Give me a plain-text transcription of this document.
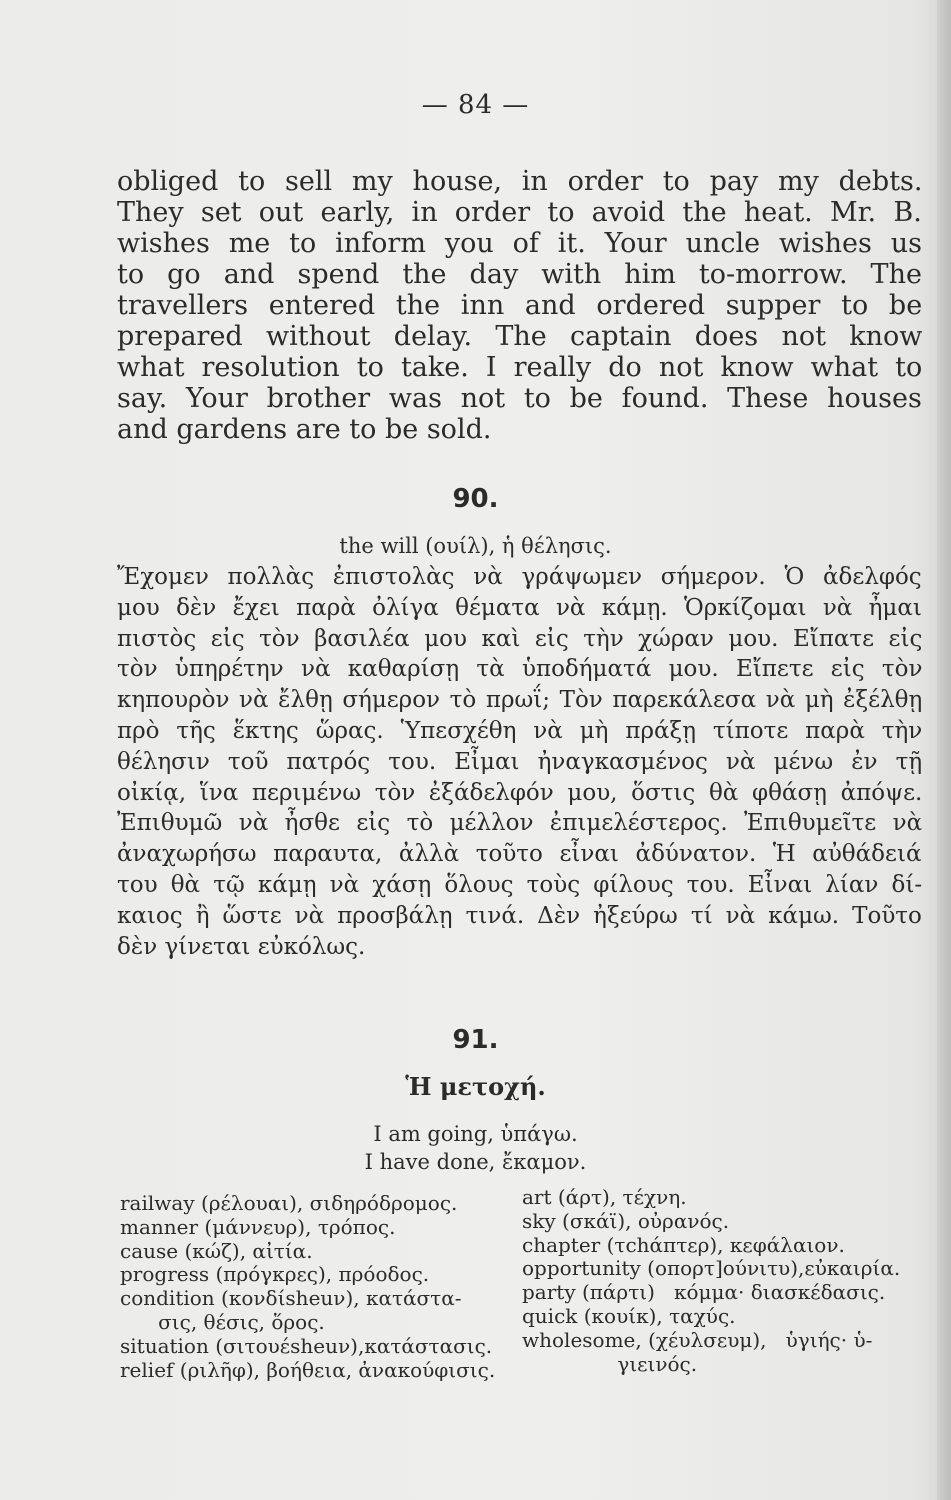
— 84 —
obliged to sell my house, in order to pay my debts.
They set out early, in order to avoid the heat. Mr. B.
wishes me to inform you of it. Your uncle wishes us
to go and spend the day with him to-morrow. The
travellers entered the inn and ordered supper to be
prepared without delay. The captain does not know
what resolution to take. I really do not know what to
say. Your brother was not to be found. These houses
and gardens are to be sold.
90.
the will (ουίλ), ἡ θέλησις.
Ἔχομεν πολλὰς ἐπιστολὰς νὰ γράψωμεν σήμερον. Ὁ ἀδελφός
μου δὲν ἔχει παρὰ ὀλίγα θέματα νὰ κάμῃ. Ὁρκίζομαι νὰ ἦμαι
πιστὸς εἰς τὸν βασιλέα μου καὶ εἰς τὴν χώραν μου. Εἴπατε εἰς
τὸν ὑπηρέτην νὰ καθαρίσῃ τὰ ὑποδήματά μου. Εἴπετε εἰς τὸν
κηπουρὸν νὰ ἔλθῃ σήμερον τὸ πρωΐ; Τὸν παρεκάλεσα νὰ μὴ ἐξέλθῃ
πρὸ τῆς ἕκτης ὥρας. Ὑπεσχέθη νὰ μὴ πράξῃ τίποτε παρὰ τὴν
θέλησιν τοῦ πατρός του. Εἶμαι ἠναγκασμένος νὰ μένω ἐν τῇ
οἰκίᾳ, ἵνα περιμένω τὸν ἐξάδελφόν μου, ὅστις θὰ φθάσῃ ἀπόψε.
Ἐπιθυμῶ νὰ ἦσθε εἰς τὸ μέλλον ἐπιμελέστερος. Ἐπιθυμεῖτε νὰ
ἀναχωρήσω παραυτα, ἀλλὰ τοῦτο εἶναι ἀδύνατον. Ἡ αὐθάδειά
του θὰ τῷ κάμῃ νὰ χάσῃ ὅλους τοὺς φίλους του. Εἶναι λίαν δί-
καιος ἢ ὥστε νὰ προσβάλῃ τινά. Δὲν ἠξεύρω τί νὰ κάμω. Τοῦτο
δὲν γίνεται εὐκόλως.
91.
Ἡ μετοχή.
I am going, ὑπάγω.
I have done, ἔκαμον.
railway (ρέλουαι), σιδηρόδρομος.
manner (μάννευρ), τρόπος.
cause (κώζ), αἰτία.
progress (πρόγκρες), πρόοδος.
condition (κονδίsheuν), κατάστα-
σις, θέσις, ὅρος.
situation (σιτουέsheuν),κατάστασις.
relief (ριλῆφ), βοήθεια, ἀνακούφισις.
art (άρτ), τέχνη.
sky (σκάϊ), οὐρανός.
chapter (τchάπτερ), κεφάλαιον.
opportunity (οπορτ]ούνιτυ),εὐκαιρία.
party (πάρτι)   κόμμα· διασκέδασις.
quick (κουίκ), ταχύς.
wholesome, (χέυλσευμ),   ὑγιής· ὑ-
γιεινός.
